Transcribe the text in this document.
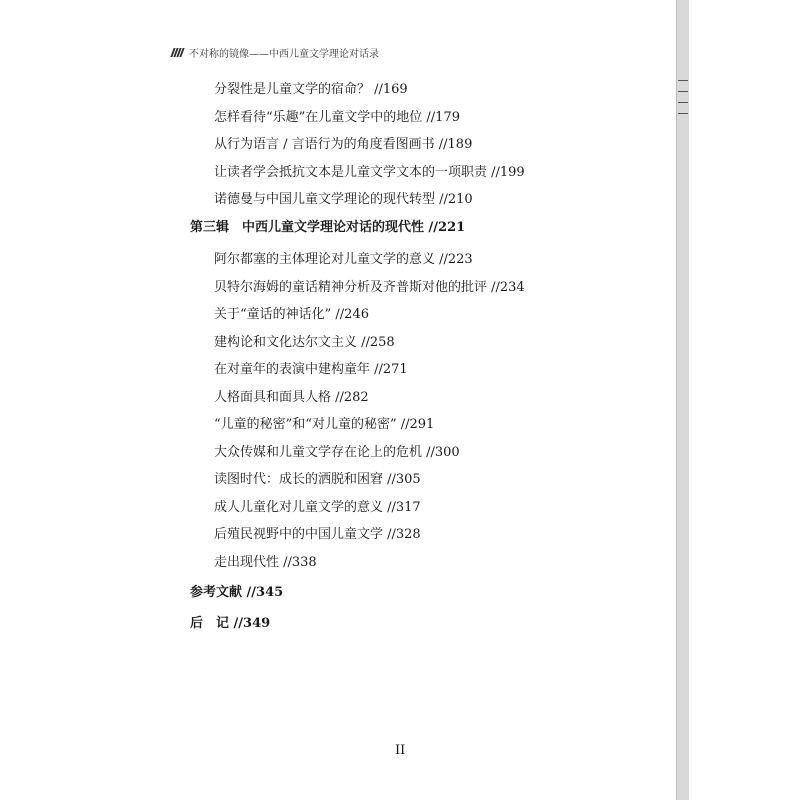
不对称的镜像——中西儿童文学理论对话录
分裂性是儿童文学的宿命？ //169
怎样看待“乐趣”在儿童文学中的地位 //179
从行为语言 / 言语行为的角度看图画书 //189
让读者学会抵抗文本是儿童文学文本的一项职责 //199
诺德曼与中国儿童文学理论的现代转型 //210
第三辑　中西儿童文学理论对话的现代性 //221
阿尔都塞的主体理论对儿童文学的意义 //223
贝特尔海姆的童话精神分析及齐普斯对他的批评 //234
关于“童话的神话化” //246
建构论和文化达尔文主义 //258
在对童年的表演中建构童年 //271
人格面具和面具人格 //282
“儿童的秘密”和“对儿童的秘密” //291
大众传媒和儿童文学存在论上的危机 //300
读图时代：成长的洒脱和困窘 //305
成人儿童化对儿童文学的意义 //317
后殖民视野中的中国儿童文学 //328
走出现代性 //338
参考文献 //345
后　记 //349
II
